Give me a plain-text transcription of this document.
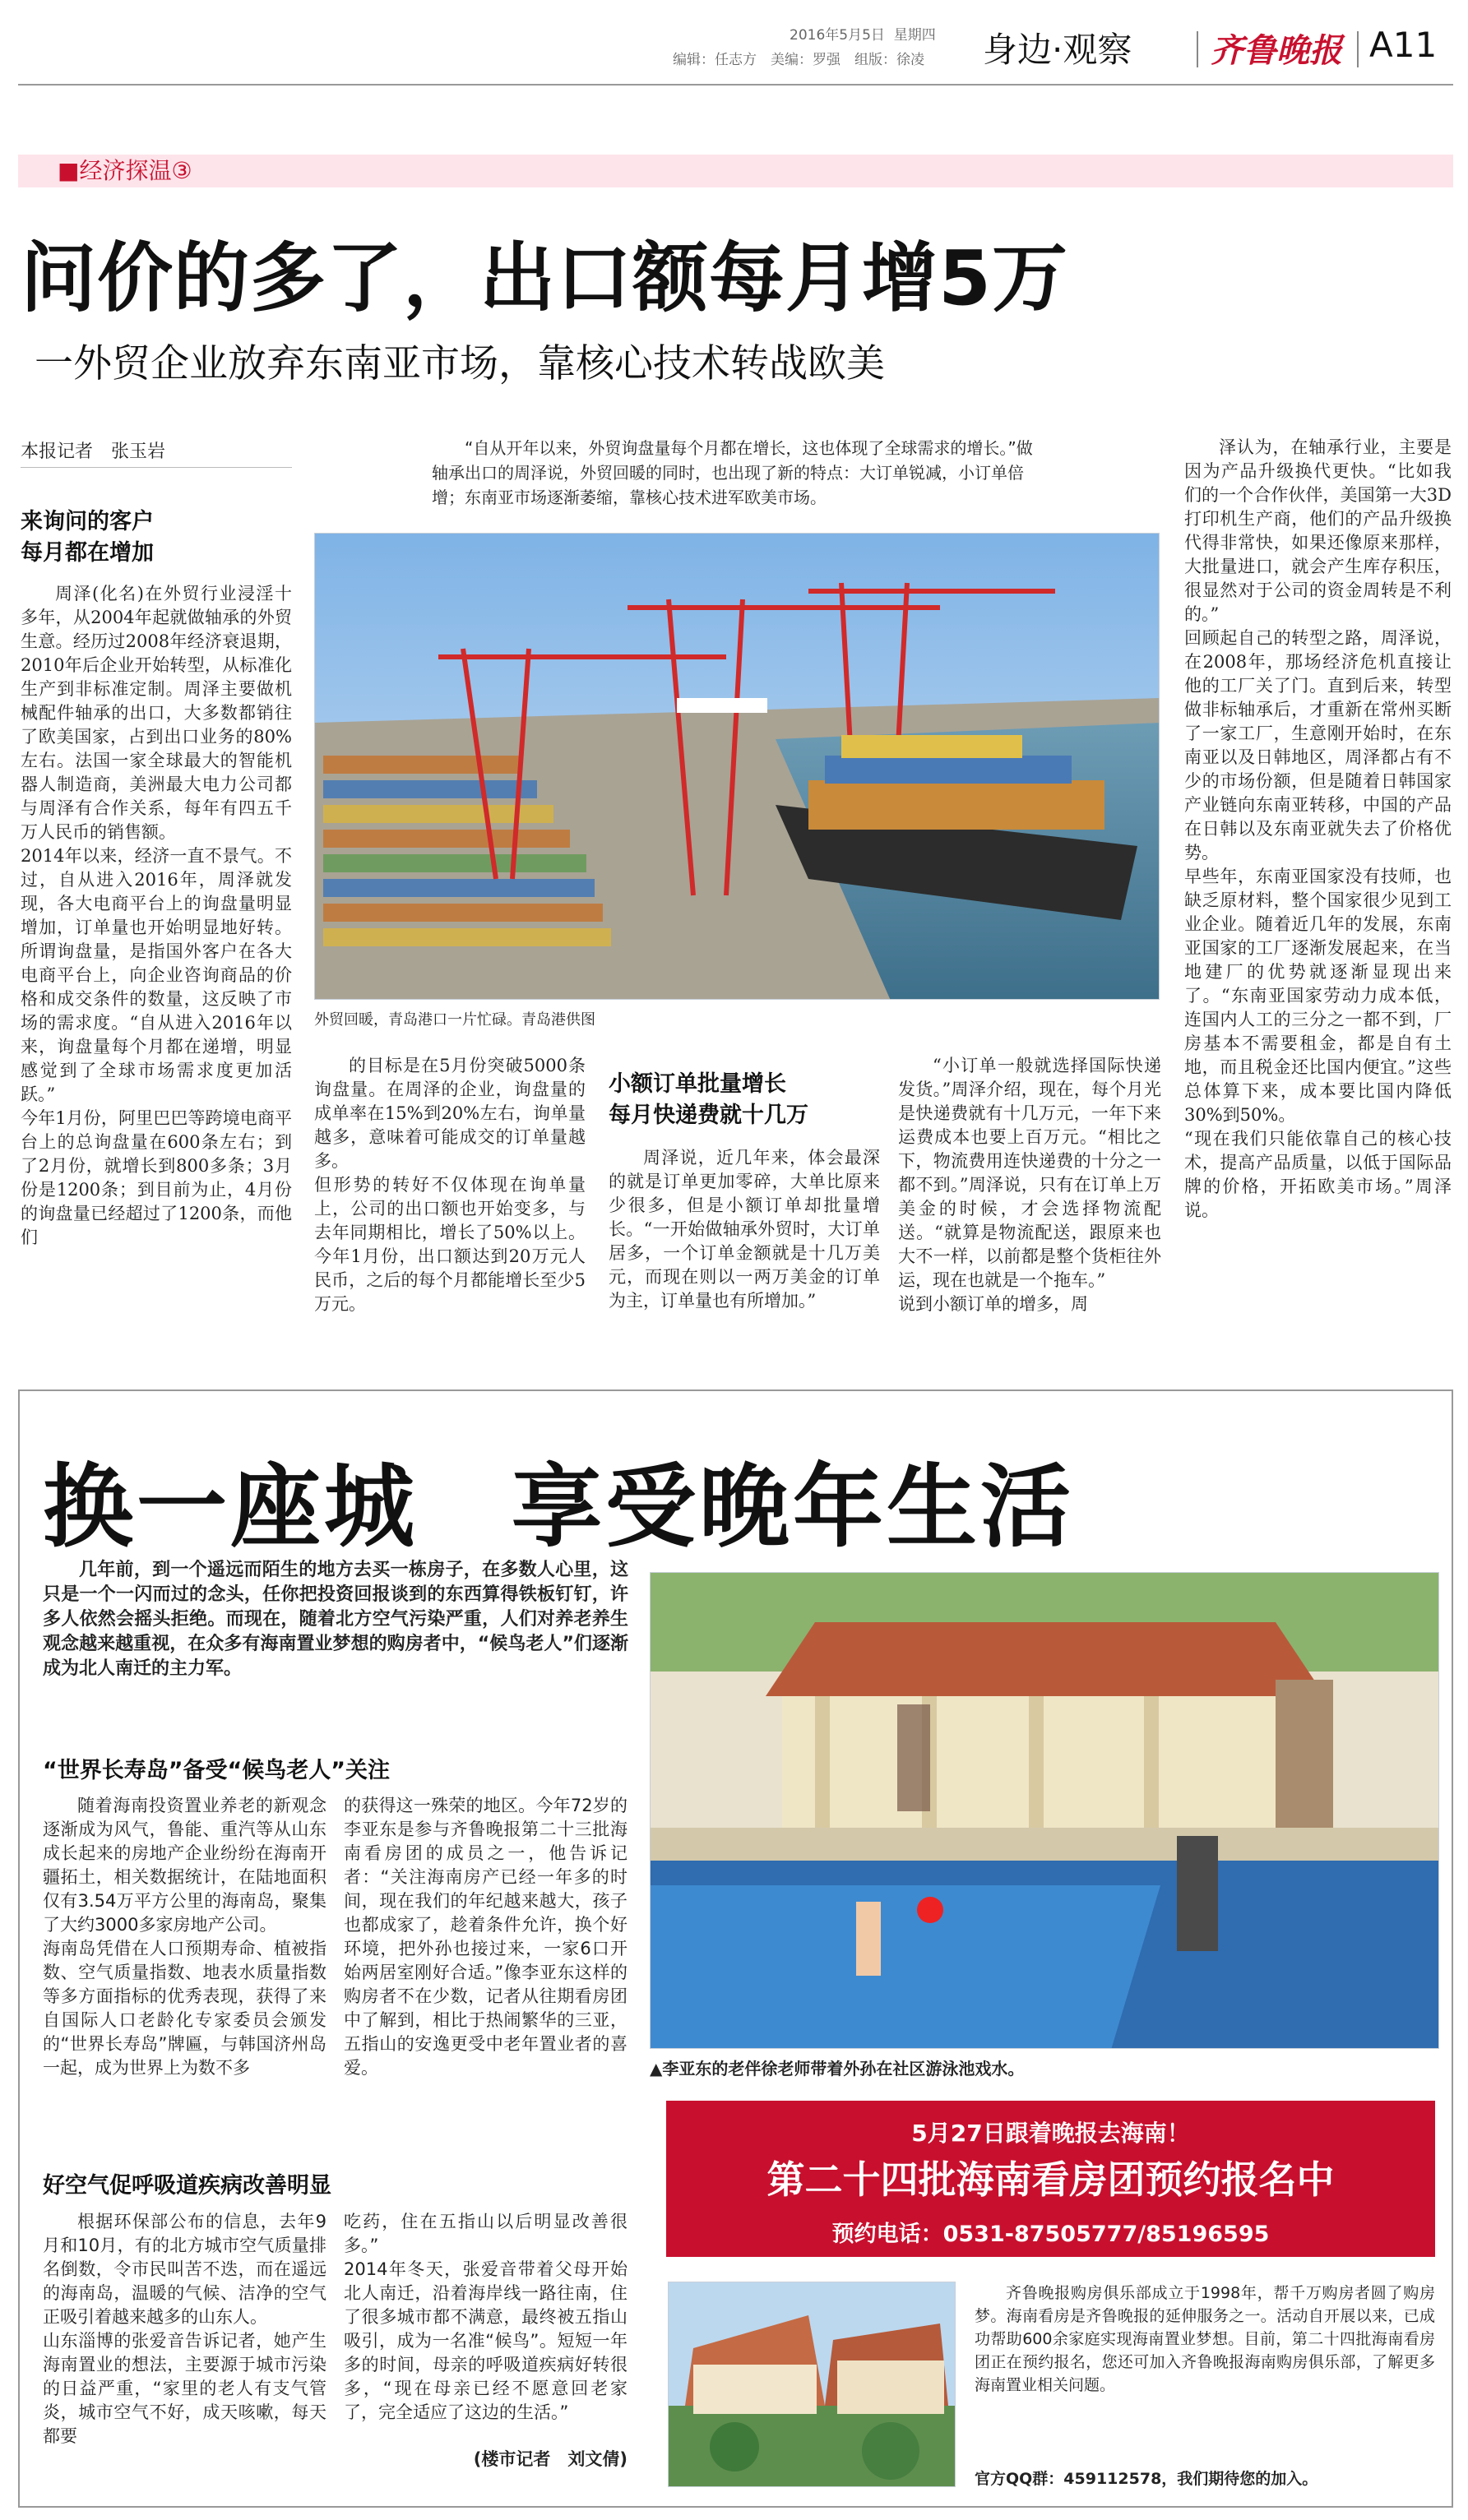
2016年5月5日 星期四
编辑：任志方　美编：罗强　组版：徐凌	身边·观察 齐鲁晚报 A11
■经济探温③
问价的多了，出口额每月增5万
一外贸企业放弃东南亚市场，靠核心技术转战欧美
本报记者　张玉岩
来询问的客户
每月都在增加
周泽(化名)在外贸行业浸淫十多年，从2004年起就做轴承的外贸生意。经历过2008年经济衰退期，2010年后企业开始转型，从标准化生产到非标准定制。周泽主要做机械配件轴承的出口，大多数都销往了欧美国家，占到出口业务的80%左右。法国一家全球最大的智能机器人制造商，美洲最大电力公司都与周泽有合作关系，每年有四五千万人民币的销售额。
2014年以来，经济一直不景气。不过，自从进入2016年，周泽就发现，各大电商平台上的询盘量明显增加，订单量也开始明显地好转。所谓询盘量，是指国外客户在各大电商平台上，向企业咨询商品的价格和成交条件的数量，这反映了市场的需求度。“自从进入2016年以来，询盘量每个月都在递增，明显感觉到了全球市场需求度更加活跃。”
今年1月份，阿里巴巴等跨境电商平台上的总询盘量在600条左右；到了2月份，就增长到800多条；3月份是1200条；到目前为止，4月份的询盘量已经超过了1200条，而他们
“自从开年以来，外贸询盘量每个月都在增长，这也体现了全球需求的增长。”做轴承出口的周泽说，外贸回暖的同时，也出现了新的特点：大订单锐减，小订单倍增；东南亚市场逐渐萎缩，靠核心技术进军欧美市场。
外贸回暖，青岛港口一片忙碌。青岛港供图
的目标是在5月份突破5000条询盘量。在周泽的企业，询盘量的成单率在15%到20%左右，询单量越多，意味着可能成交的订单量越多。
但形势的转好不仅体现在询单量上，公司的出口额也开始变多，与去年同期相比，增长了50%以上。今年1月份，出口额达到20万元人民币，之后的每个月都能增长至少5万元。
小额订单批量增长
每月快递费就十几万
周泽说，近几年来，体会最深的就是订单更加零碎，大单比原来少很多，但是小额订单却批量增长。“一开始做轴承外贸时，大订单居多，一个订单金额就是十几万美元，而现在则以一两万美金的订单为主，订单量也有所增加。”
“小订单一般就选择国际快递发货。”周泽介绍，现在，每个月光是快递费就有十几万元，一年下来运费成本也要上百万元。“相比之下，物流费用连快递费的十分之一都不到。”周泽说，只有在订单上万美金的时候，才会选择物流配送。“就算是物流配送，跟原来也大不一样，以前都是整个货柜往外运，现在也就是一个拖车。”
说到小额订单的增多，周
泽认为，在轴承行业，主要是因为产品升级换代更快。“比如我们的一个合作伙伴，美国第一大3D打印机生产商，他们的产品升级换代得非常快，如果还像原来那样，大批量进口，就会产生库存积压，很显然对于公司的资金周转是不利的。”
回顾起自己的转型之路，周泽说，在2008年，那场经济危机直接让他的工厂关了门。直到后来，转型做非标轴承后，才重新在常州买断了一家工厂，生意刚开始时，在东南亚以及日韩地区，周泽都占有不少的市场份额，但是随着日韩国家产业链向东南亚转移，中国的产品在日韩以及东南亚就失去了价格优势。
早些年，东南亚国家没有技师，也缺乏原材料，整个国家很少见到工业企业。随着近几年的发展，东南亚国家的工厂逐渐发展起来，在当地建厂的优势就逐渐显现出来了。“东南亚国家劳动力成本低，连国内人工的三分之一都不到，厂房基本不需要租金，都是自有土地，而且税金还比国内便宜。”这些总体算下来，成本要比国内降低30%到50%。
“现在我们只能依靠自己的核心技术，提高产品质量，以低于国际品牌的价格，开拓欧美市场。”周泽说。
换一座城　享受晚年生活
几年前，到一个遥远而陌生的地方去买一栋房子，在多数人心里，这只是一个一闪而过的念头，任你把投资回报谈到的东西算得铁板钉钉，许多人依然会摇头拒绝。而现在，随着北方空气污染严重，人们对养老养生观念越来越重视，在众多有海南置业梦想的购房者中，“候鸟老人”们逐渐成为北人南迁的主力军。
“世界长寿岛”备受“候鸟老人”关注
随着海南投资置业养老的新观念逐渐成为风气，鲁能、重汽等从山东成长起来的房地产企业纷纷在海南开疆拓土，相关数据统计，在陆地面积仅有3.54万平方公里的海南岛，聚集了大约3000多家房地产公司。
海南岛凭借在人口预期寿命、植被指数、空气质量指数、地表水质量指数等多方面指标的优秀表现，获得了来自国际人口老龄化专家委员会颁发的“世界长寿岛”牌匾，与韩国济州岛一起，成为世界上为数不多
的获得这一殊荣的地区。今年72岁的李亚东是参与齐鲁晚报第二十三批海南看房团的成员之一，他告诉记者：“关注海南房产已经一年多的时间，现在我们的年纪越来越大，孩子也都成家了，趁着条件允许，换个好环境，把外孙也接过来，一家6口开始两居室刚好合适。”像李亚东这样的购房者不在少数，记者从往期看房团中了解到，相比于热闹繁华的三亚，五指山的安逸更受中老年置业者的喜爱。
好空气促呼吸道疾病改善明显
根据环保部公布的信息，去年9月和10月，有的北方城市空气质量排名倒数，令市民叫苦不迭，而在遥远的海南岛，温暖的气候、洁净的空气正吸引着越来越多的山东人。
山东淄博的张爱音告诉记者，她产生海南置业的想法，主要源于城市污染的日益严重，“家里的老人有支气管炎，城市空气不好，成天咳嗽，每天都要
吃药，住在五指山以后明显改善很多。”
2014年冬天，张爱音带着父母开始北人南迁，沿着海岸线一路往南，住了很多城市都不满意，最终被五指山吸引，成为一名准“候鸟”。短短一年多的时间，母亲的呼吸道疾病好转很多，“现在母亲已经不愿意回老家了，完全适应了这边的生活。”
(楼市记者　刘文倩)
▲李亚东的老伴徐老师带着外孙在社区游泳池戏水。
5月27日跟着晚报去海南！
第二十四批海南看房团预约报名中
预约电话：0531-87505777/85196595
齐鲁晚报购房俱乐部成立于1998年，帮千万购房者圆了购房梦。海南看房是齐鲁晚报的延伸服务之一。活动自开展以来，已成功帮助600余家庭实现海南置业梦想。目前，第二十四批海南看房团正在预约报名，您还可加入齐鲁晚报海南购房俱乐部，了解更多海南置业相关问题。
官方QQ群：459112578，我们期待您的加入。
